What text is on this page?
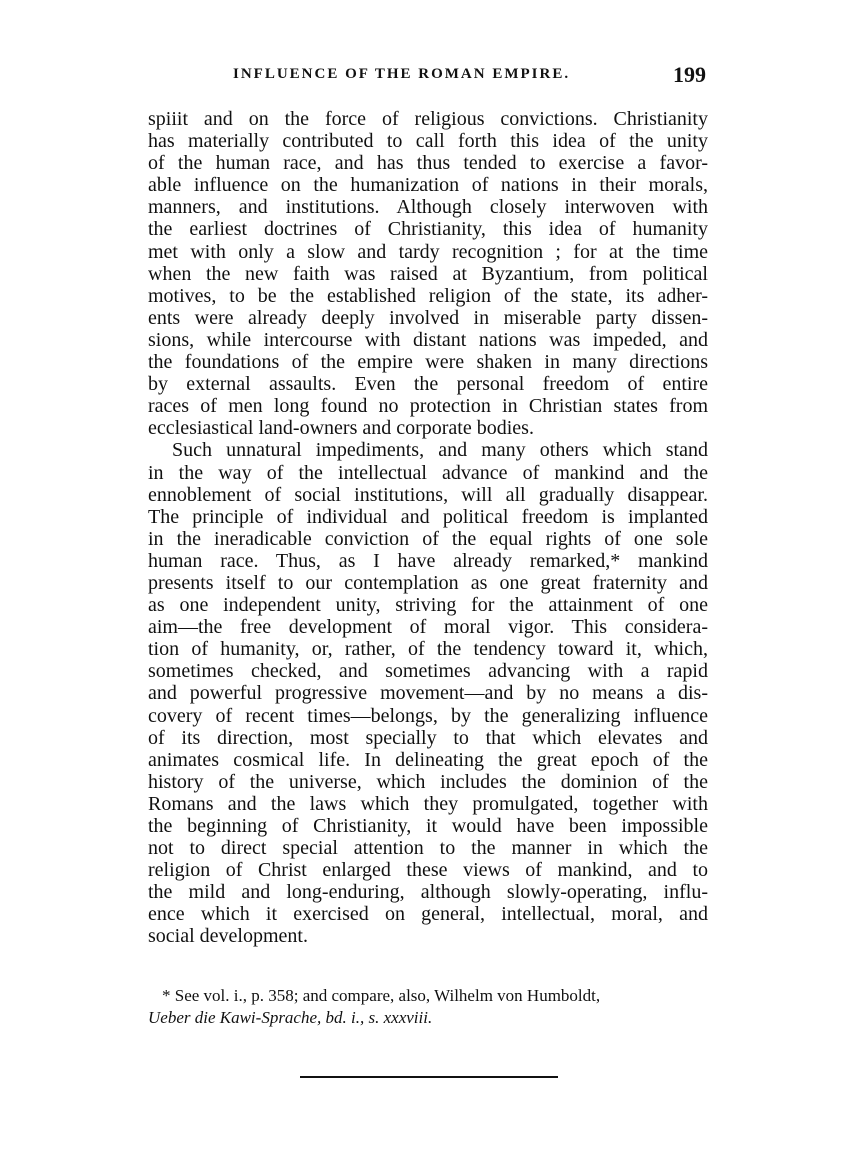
INFLUENCE OF THE ROMAN EMPIRE.	199
spiiit and on the force of religious convictions. Christianity
has materially contributed to call forth this idea of the unity
of the human race, and has thus tended to exercise a favor-
able influence on the humanization of nations in their morals,
manners, and institutions. Although closely interwoven with
the earliest doctrines of Christianity, this idea of humanity
met with only a slow and tardy recognition ; for at the time
when the new faith was raised at Byzantium, from political
motives, to be the established religion of the state, its adher-
ents were already deeply involved in miserable party dissen-
sions, while intercourse with distant nations was impeded, and
the foundations of the empire were shaken in many directions
by external assaults. Even the personal freedom of entire
races of men long found no protection in Christian states from
ecclesiastical land-owners and corporate bodies.
Such unnatural impediments, and many others which stand
in the way of the intellectual advance of mankind and the
ennoblement of social institutions, will all gradually disappear.
The principle of individual and political freedom is implanted
in the ineradicable conviction of the equal rights of one sole
human race. Thus, as I have already remarked,* mankind
presents itself to our contemplation as one great fraternity and
as one independent unity, striving for the attainment of one
aim—the free development of moral vigor. This considera-
tion of humanity, or, rather, of the tendency toward it, which,
sometimes checked, and sometimes advancing with a rapid
and powerful progressive movement—and by no means a dis-
covery of recent times—belongs, by the generalizing influence
of its direction, most specially to that which elevates and
animates cosmical life. In delineating the great epoch of the
history of the universe, which includes the dominion of the
Romans and the laws which they promulgated, together with
the beginning of Christianity, it would have been impossible
not to direct special attention to the manner in which the
religion of Christ enlarged these views of mankind, and to
the mild and long-enduring, although slowly-operating, influ-
ence which it exercised on general, intellectual, moral, and
social development.
* See vol. i., p. 358; and compare, also, Wilhelm von Humboldt,
Ueber die Kawi-Sprache, bd. i., s. xxxviii.
